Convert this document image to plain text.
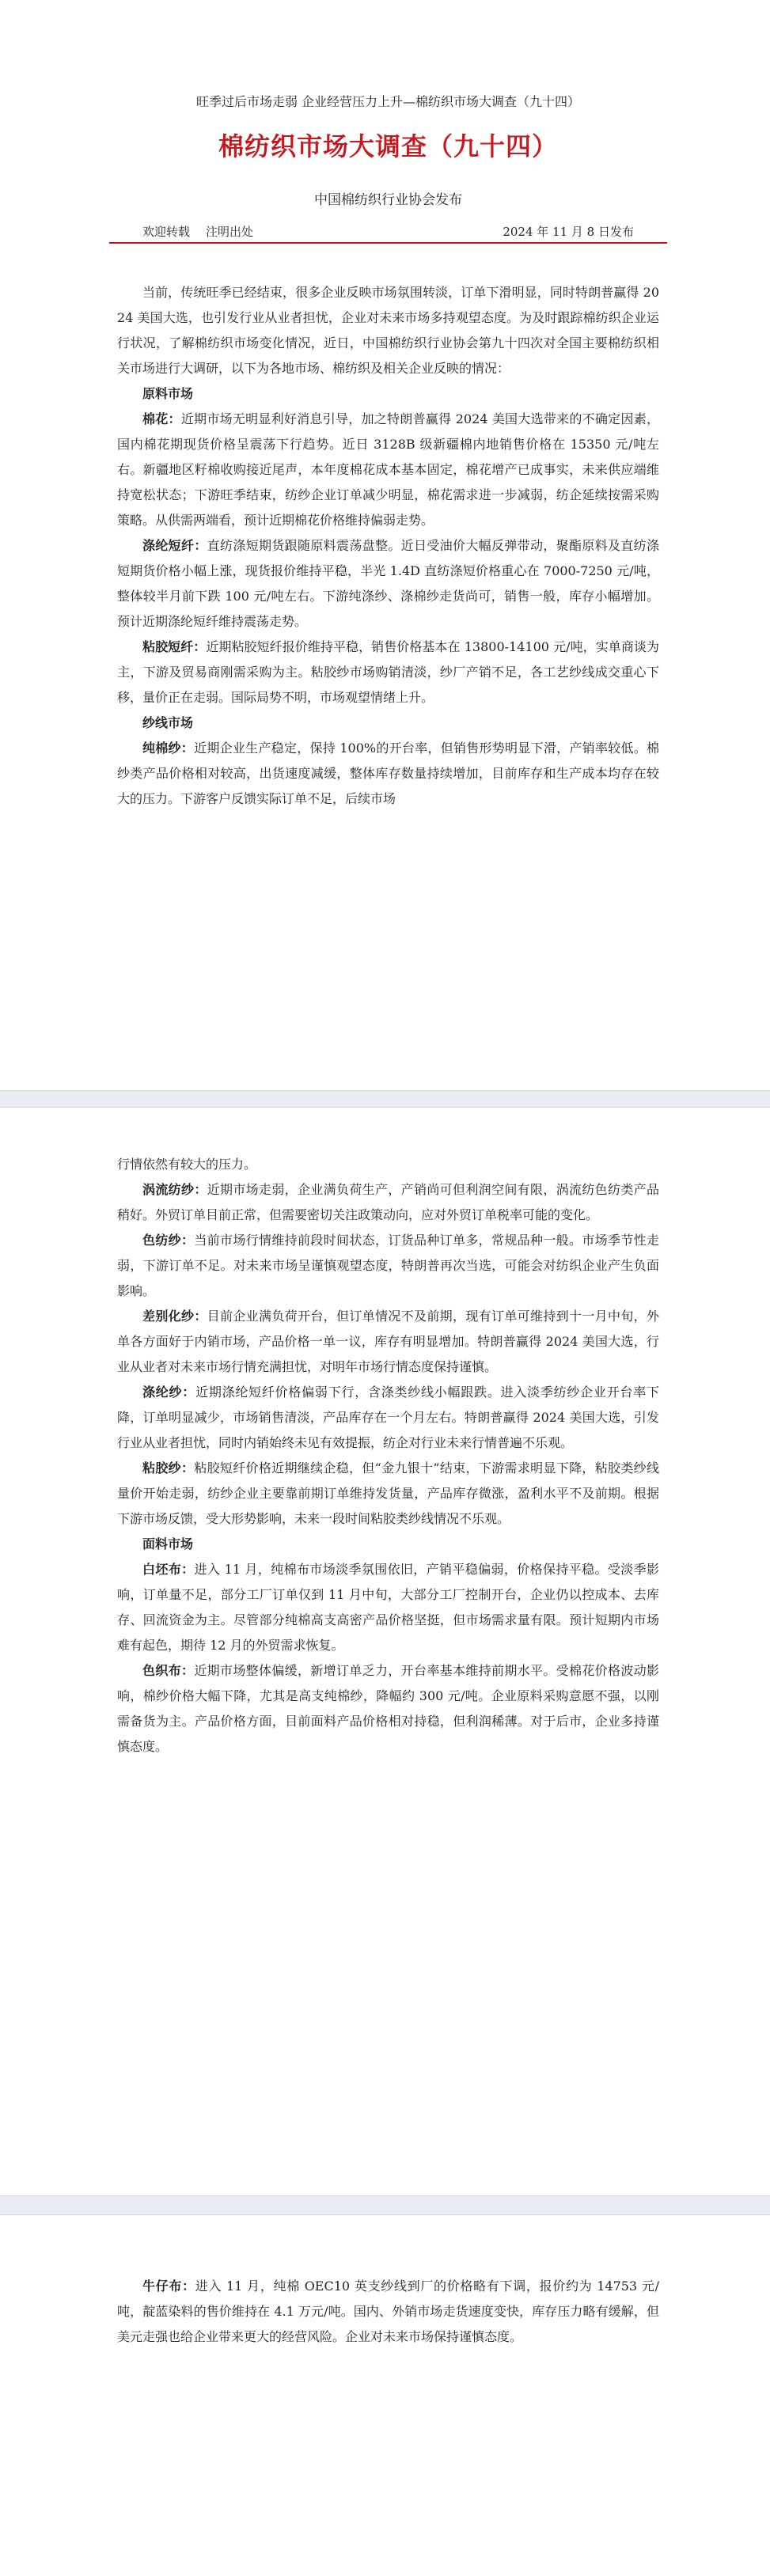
旺季过后市场走弱 企业经营压力上升—棉纺织市场大调查（九十四）
棉纺织市场大调查（九十四）
中国棉纺织行业协会发布
欢迎转载 注明出处	2024 年 11 月 8 日发布

当前，传统旺季已经结束，很多企业反映市场氛围转淡，订单下滑明显，同时特朗普赢得 2024 美国大选，也引发行业从业者担忧，企业对未来市场多持观望态度。为及时跟踪棉纺织企业运行状况，了解棉纺织市场变化情况，近日，中国棉纺织行业协会第九十四次对全国主要棉纺织相关市场进行大调研，以下为各地市场、棉纺织及相关企业反映的情况：

原料市场

棉花：近期市场无明显利好消息引导，加之特朗普赢得 2024 美国大选带来的不确定因素，国内棉花期现货价格呈震荡下行趋势。近日 3128B 级新疆棉内地销售价格在 15350 元/吨左右。新疆地区籽棉收购接近尾声，本年度棉花成本基本固定，棉花增产已成事实，未来供应端维持宽松状态；下游旺季结束，纺纱企业订单减少明显，棉花需求进一步减弱，纺企延续按需采购策略。从供需两端看，预计近期棉花价格维持偏弱走势。

涤纶短纤：直纺涤短期货跟随原料震荡盘整。近日受油价大幅反弹带动，聚酯原料及直纺涤短期货价格小幅上涨，现货报价维持平稳，半光 1.4D 直纺涤短价格重心在 7000-7250 元/吨，整体较半月前下跌 100 元/吨左右。下游纯涤纱、涤棉纱走货尚可，销售一般，库存小幅增加。预计近期涤纶短纤维持震荡走势。

粘胶短纤：近期粘胶短纤报价维持平稳，销售价格基本在 13800-14100 元/吨，实单商谈为主，下游及贸易商刚需采购为主。粘胶纱市场购销清淡，纱厂产销不足，各工艺纱线成交重心下移，量价正在走弱。国际局势不明，市场观望情绪上升。

纱线市场

纯棉纱：近期企业生产稳定，保持 100%的开台率，但销售形势明显下滑，产销率较低。棉纱类产品价格相对较高，出货速度减缓，整体库存数量持续增加，目前库存和生产成本均存在较大的压力。下游客户反馈实际订单不足，后续市场

行情依然有较大的压力。

涡流纺纱：近期市场走弱，企业满负荷生产，产销尚可但利润空间有限，涡流纺色纺类产品稍好。外贸订单目前正常，但需要密切关注政策动向，应对外贸订单税率可能的变化。

色纺纱：当前市场行情维持前段时间状态，订货品种订单多，常规品种一般。市场季节性走弱，下游订单不足。对未来市场呈谨慎观望态度，特朗普再次当选，可能会对纺织企业产生负面影响。

差别化纱：目前企业满负荷开台，但订单情况不及前期，现有订单可维持到十一月中旬，外单各方面好于内销市场，产品价格一单一议，库存有明显增加。特朗普赢得 2024 美国大选，行业从业者对未来市场行情充满担忧，对明年市场行情态度保持谨慎。

涤纶纱：近期涤纶短纤价格偏弱下行，含涤类纱线小幅跟跌。进入淡季纺纱企业开台率下降，订单明显减少，市场销售清淡，产品库存在一个月左右。特朗普赢得 2024 美国大选，引发行业从业者担忧，同时内销始终未见有效提振，纺企对行业未来行情普遍不乐观。

粘胶纱：粘胶短纤价格近期继续企稳，但“金九银十”结束，下游需求明显下降，粘胶类纱线量价开始走弱，纺纱企业主要靠前期订单维持发货量，产品库存微涨，盈利水平不及前期。根据下游市场反馈，受大形势影响，未来一段时间粘胶类纱线情况不乐观。

面料市场

白坯布：进入 11 月，纯棉布市场淡季氛围依旧，产销平稳偏弱，价格保持平稳。受淡季影响，订单量不足，部分工厂订单仅到 11 月中旬，大部分工厂控制开台，企业仍以控成本、去库存、回流资金为主。尽管部分纯棉高支高密产品价格坚挺，但市场需求量有限。预计短期内市场难有起色，期待 12 月的外贸需求恢复。

色织布：近期市场整体偏缓，新增订单乏力，开台率基本维持前期水平。受棉花价格波动影响，棉纱价格大幅下降，尤其是高支纯棉纱，降幅约 300 元/吨。企业原料采购意愿不强，以刚需备货为主。产品价格方面，目前面料产品价格相对持稳，但利润稀薄。对于后市，企业多持谨慎态度。

牛仔布：进入 11 月，纯棉 OEC10 英支纱线到厂的价格略有下调，报价约为 14753 元/吨，靛蓝染料的售价维持在 4.1 万元/吨。国内、外销市场走货速度变快，库存压力略有缓解，但美元走强也给企业带来更大的经营风险。企业对未来市场保持谨慎态度。
